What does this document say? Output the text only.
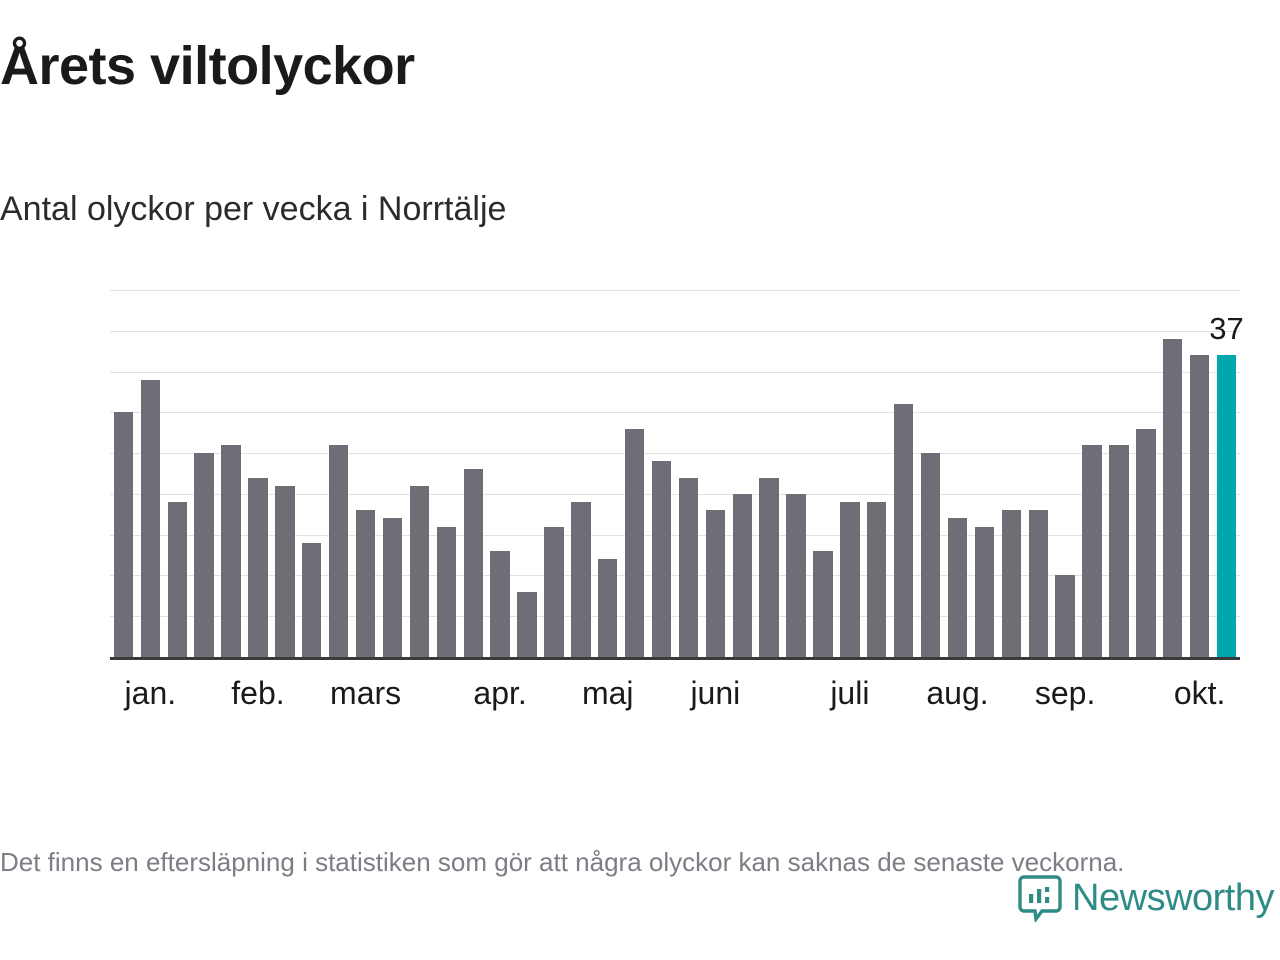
Årets viltolyckor
Antal olyckor per vecka i Norrtälje
37
jan. feb. mars apr. maj juni	juli aug. sep. okt.
Det finns en eftersläpning i statistiken som gör att några olyckor kan saknas de senaste veckorna.
Newsworthy
